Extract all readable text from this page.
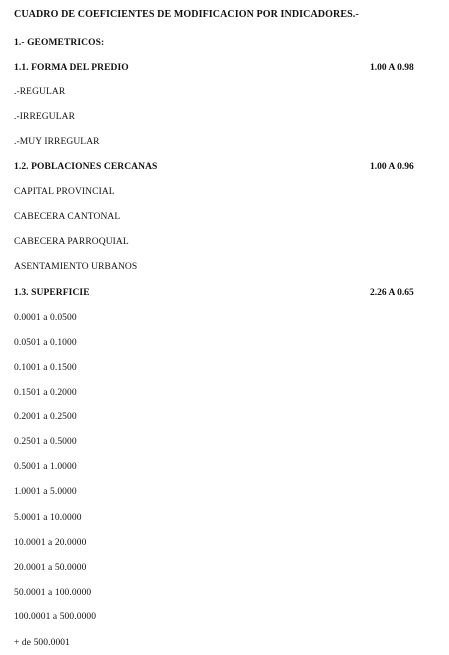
CUADRO DE COEFICIENTES DE MODIFICACION POR INDICADORES.-
1.- GEOMETRICOS:
1.1. FORMA DEL PREDIO	1.00 A 0.98
.-REGULAR
.-IRREGULAR
.-MUY IRREGULAR
1.2. POBLACIONES CERCANAS	1.00 A 0.96
CAPITAL PROVINCIAL
CABECERA CANTONAL
CABECERA PARROQUIAL
ASENTAMIENTO URBANOS
1.3. SUPERFICIE	2.26 A 0.65
0.0001 a 0.0500
0.0501 a 0.1000
0.1001 a 0.1500
0.1501 a 0.2000
0.2001 a 0.2500
0.2501 a 0.5000
0.5001 a 1.0000
1.0001 a 5.0000
5.0001 a 10.0000
10.0001 a 20.0000
20.0001 a 50.0000
50.0001 a 100.0000
100.0001 a 500.0000
+ de 500.0001
